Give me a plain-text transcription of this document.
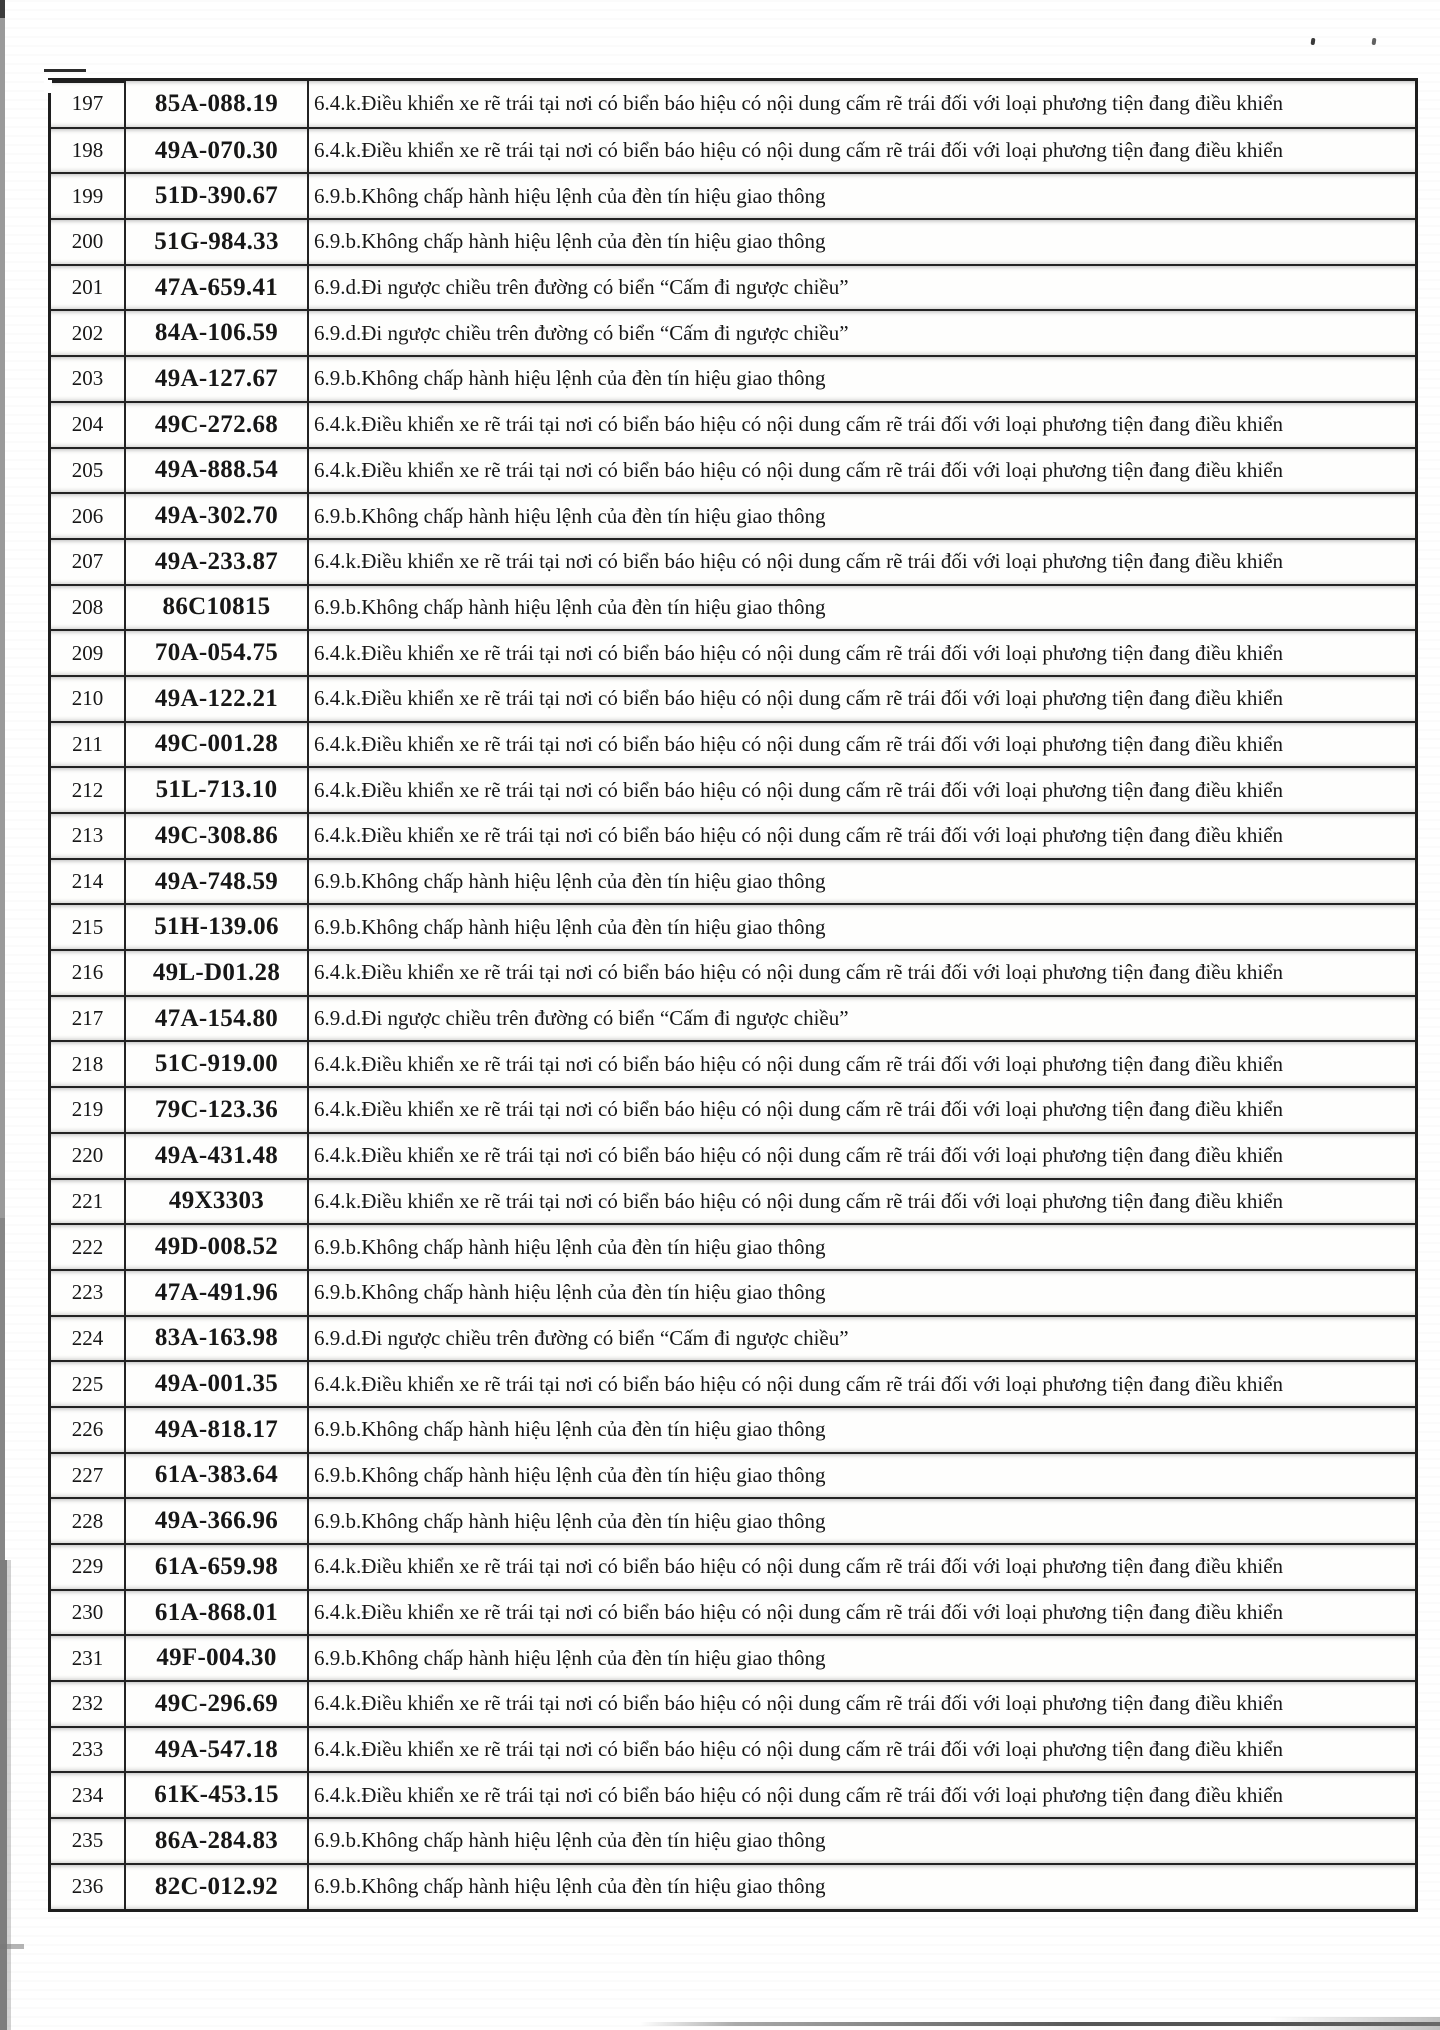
197	85A-088.19	6.4.k.Điều khiển xe rẽ trái tại nơi có biển báo hiệu có nội dung cấm rẽ trái đối với loại phương tiện đang điều khiển
198	49A-070.30	6.4.k.Điều khiển xe rẽ trái tại nơi có biển báo hiệu có nội dung cấm rẽ trái đối với loại phương tiện đang điều khiển
199	51D-390.67	6.9.b.Không chấp hành hiệu lệnh của đèn tín hiệu giao thông
200	51G-984.33	6.9.b.Không chấp hành hiệu lệnh của đèn tín hiệu giao thông
201	47A-659.41	6.9.d.Đi ngược chiều trên đường có biển “Cấm đi ngược chiều”
202	84A-106.59	6.9.d.Đi ngược chiều trên đường có biển “Cấm đi ngược chiều”
203	49A-127.67	6.9.b.Không chấp hành hiệu lệnh của đèn tín hiệu giao thông
204	49C-272.68	6.4.k.Điều khiển xe rẽ trái tại nơi có biển báo hiệu có nội dung cấm rẽ trái đối với loại phương tiện đang điều khiển
205	49A-888.54	6.4.k.Điều khiển xe rẽ trái tại nơi có biển báo hiệu có nội dung cấm rẽ trái đối với loại phương tiện đang điều khiển
206	49A-302.70	6.9.b.Không chấp hành hiệu lệnh của đèn tín hiệu giao thông
207	49A-233.87	6.4.k.Điều khiển xe rẽ trái tại nơi có biển báo hiệu có nội dung cấm rẽ trái đối với loại phương tiện đang điều khiển
208	86C10815	6.9.b.Không chấp hành hiệu lệnh của đèn tín hiệu giao thông
209	70A-054.75	6.4.k.Điều khiển xe rẽ trái tại nơi có biển báo hiệu có nội dung cấm rẽ trái đối với loại phương tiện đang điều khiển
210	49A-122.21	6.4.k.Điều khiển xe rẽ trái tại nơi có biển báo hiệu có nội dung cấm rẽ trái đối với loại phương tiện đang điều khiển
211	49C-001.28	6.4.k.Điều khiển xe rẽ trái tại nơi có biển báo hiệu có nội dung cấm rẽ trái đối với loại phương tiện đang điều khiển
212	51L-713.10	6.4.k.Điều khiển xe rẽ trái tại nơi có biển báo hiệu có nội dung cấm rẽ trái đối với loại phương tiện đang điều khiển
213	49C-308.86	6.4.k.Điều khiển xe rẽ trái tại nơi có biển báo hiệu có nội dung cấm rẽ trái đối với loại phương tiện đang điều khiển
214	49A-748.59	6.9.b.Không chấp hành hiệu lệnh của đèn tín hiệu giao thông
215	51H-139.06	6.9.b.Không chấp hành hiệu lệnh của đèn tín hiệu giao thông
216	49L-D01.28	6.4.k.Điều khiển xe rẽ trái tại nơi có biển báo hiệu có nội dung cấm rẽ trái đối với loại phương tiện đang điều khiển
217	47A-154.80	6.9.d.Đi ngược chiều trên đường có biển “Cấm đi ngược chiều”
218	51C-919.00	6.4.k.Điều khiển xe rẽ trái tại nơi có biển báo hiệu có nội dung cấm rẽ trái đối với loại phương tiện đang điều khiển
219	79C-123.36	6.4.k.Điều khiển xe rẽ trái tại nơi có biển báo hiệu có nội dung cấm rẽ trái đối với loại phương tiện đang điều khiển
220	49A-431.48	6.4.k.Điều khiển xe rẽ trái tại nơi có biển báo hiệu có nội dung cấm rẽ trái đối với loại phương tiện đang điều khiển
221	49X3303	6.4.k.Điều khiển xe rẽ trái tại nơi có biển báo hiệu có nội dung cấm rẽ trái đối với loại phương tiện đang điều khiển
222	49D-008.52	6.9.b.Không chấp hành hiệu lệnh của đèn tín hiệu giao thông
223	47A-491.96	6.9.b.Không chấp hành hiệu lệnh của đèn tín hiệu giao thông
224	83A-163.98	6.9.d.Đi ngược chiều trên đường có biển “Cấm đi ngược chiều”
225	49A-001.35	6.4.k.Điều khiển xe rẽ trái tại nơi có biển báo hiệu có nội dung cấm rẽ trái đối với loại phương tiện đang điều khiển
226	49A-818.17	6.9.b.Không chấp hành hiệu lệnh của đèn tín hiệu giao thông
227	61A-383.64	6.9.b.Không chấp hành hiệu lệnh của đèn tín hiệu giao thông
228	49A-366.96	6.9.b.Không chấp hành hiệu lệnh của đèn tín hiệu giao thông
229	61A-659.98	6.4.k.Điều khiển xe rẽ trái tại nơi có biển báo hiệu có nội dung cấm rẽ trái đối với loại phương tiện đang điều khiển
230	61A-868.01	6.4.k.Điều khiển xe rẽ trái tại nơi có biển báo hiệu có nội dung cấm rẽ trái đối với loại phương tiện đang điều khiển
231	49F-004.30	6.9.b.Không chấp hành hiệu lệnh của đèn tín hiệu giao thông
232	49C-296.69	6.4.k.Điều khiển xe rẽ trái tại nơi có biển báo hiệu có nội dung cấm rẽ trái đối với loại phương tiện đang điều khiển
233	49A-547.18	6.4.k.Điều khiển xe rẽ trái tại nơi có biển báo hiệu có nội dung cấm rẽ trái đối với loại phương tiện đang điều khiển
234	61K-453.15	6.4.k.Điều khiển xe rẽ trái tại nơi có biển báo hiệu có nội dung cấm rẽ trái đối với loại phương tiện đang điều khiển
235	86A-284.83	6.9.b.Không chấp hành hiệu lệnh của đèn tín hiệu giao thông
236	82C-012.92	6.9.b.Không chấp hành hiệu lệnh của đèn tín hiệu giao thông
